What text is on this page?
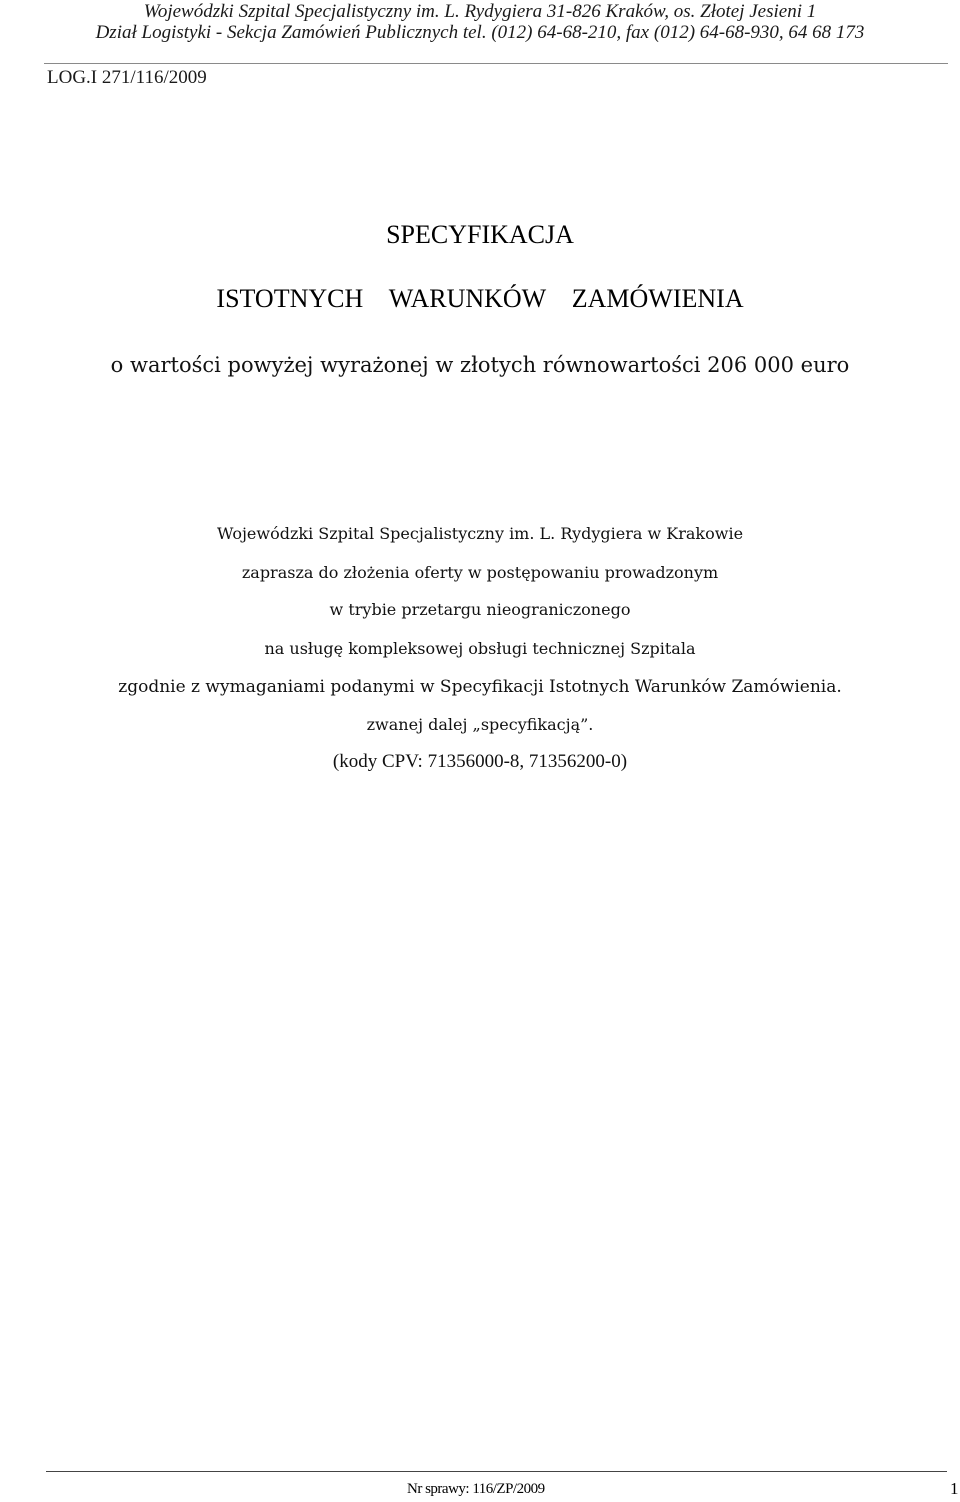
Wojewódzki Szpital Specjalistyczny im. L. Rydygiera 31-826 Kraków, os. Złotej Jesieni 1
Dział Logistyki - Sekcja Zamówień Publicznych tel. (012) 64-68-210, fax (012) 64-68-930, 64 68 173
LOG.I 271/116/2009
SPECYFIKACJA
ISTOTNYCH    WARUNKÓW    ZAMÓWIENIA
o wartości powyżej wyrażonej w złotych równowartości 206 000 euro
Wojewódzki Szpital Specjalistyczny im. L. Rydygiera w Krakowie
zaprasza do złożenia oferty w postępowaniu prowadzonym
w trybie przetargu nieograniczonego
na usługę kompleksowej obsługi technicznej Szpitala
zgodnie z wymaganiami podanymi w Specyfikacji Istotnych Warunków Zamówienia.
zwanej dalej „specyfikacją”.
(kody CPV: 71356000-8, 71356200-0)
Nr sprawy: 116/ZP/2009	1
